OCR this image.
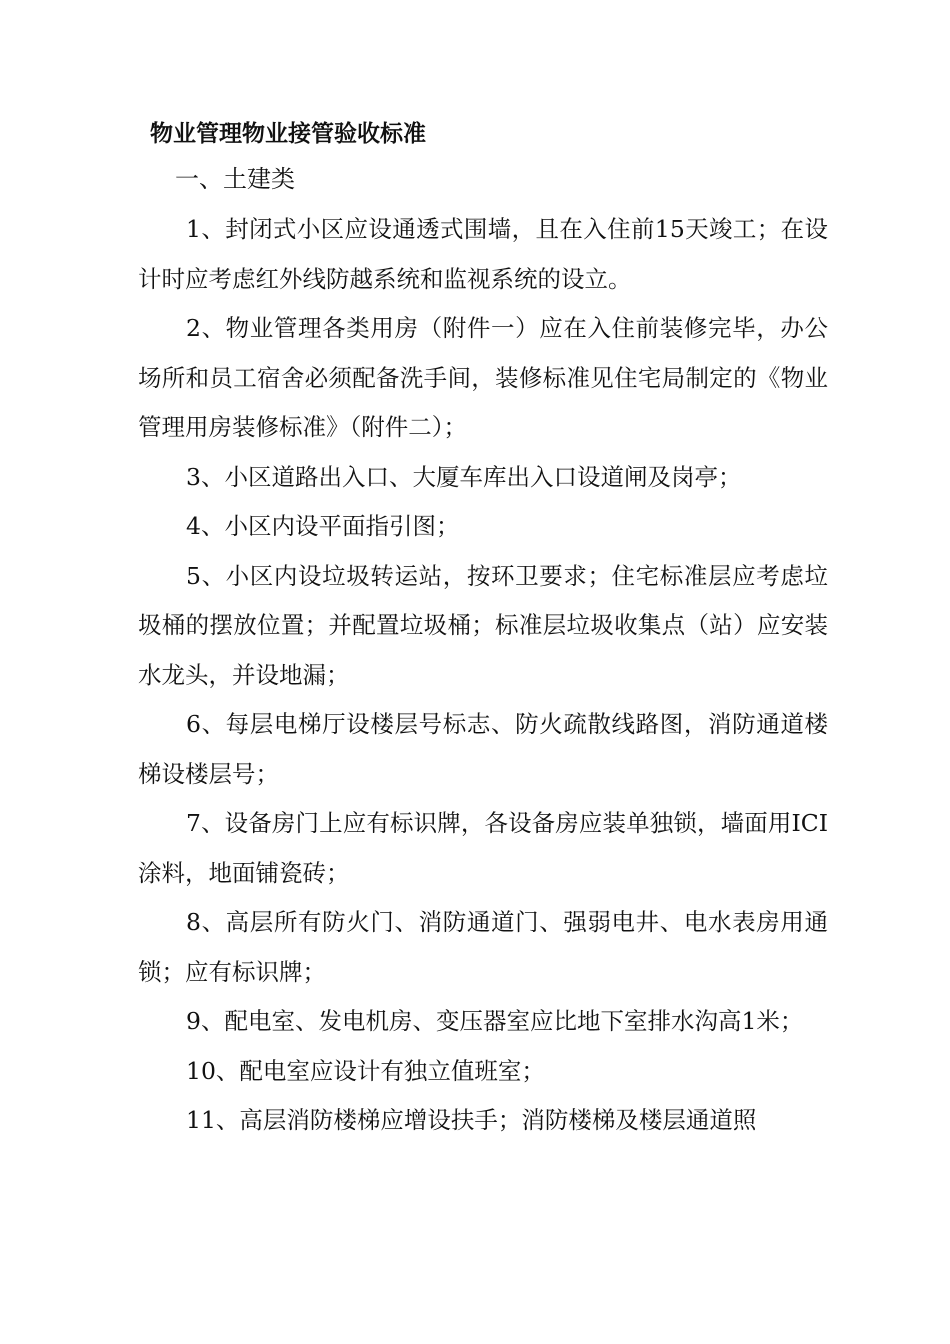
物业管理物业接管验收标准
一、土建类

1、封闭式小区应设通透式围墙，且在入住前15天竣工；在设计时应考虑红外线防越系统和监视系统的设立。

2、物业管理各类用房（附件一）应在入住前装修完毕，办公场所和员工宿舍必须配备洗手间，装修标准见住宅局制定的《物业管理用房装修标准》（附件二）；

3、小区道路出入口、大厦车库出入口设道闸及岗亭；

4、小区内设平面指引图；

5、小区内设垃圾转运站，按环卫要求；住宅标准层应考虑垃圾桶的摆放位置；并配置垃圾桶；标准层垃圾收集点（站）应安装水龙头，并设地漏；

6、每层电梯厅设楼层号标志、防火疏散线路图，消防通道楼梯设楼层号；

7、设备房门上应有标识牌，各设备房应装单独锁，墙面用ICI涂料，地面铺瓷砖；

8、高层所有防火门、消防通道门、强弱电井、电水表房用通锁；应有标识牌；

9、配电室、发电机房、变压器室应比地下室排水沟高1米；

10、配电室应设计有独立值班室；

11、高层消防楼梯应增设扶手；消防楼梯及楼层通道照
